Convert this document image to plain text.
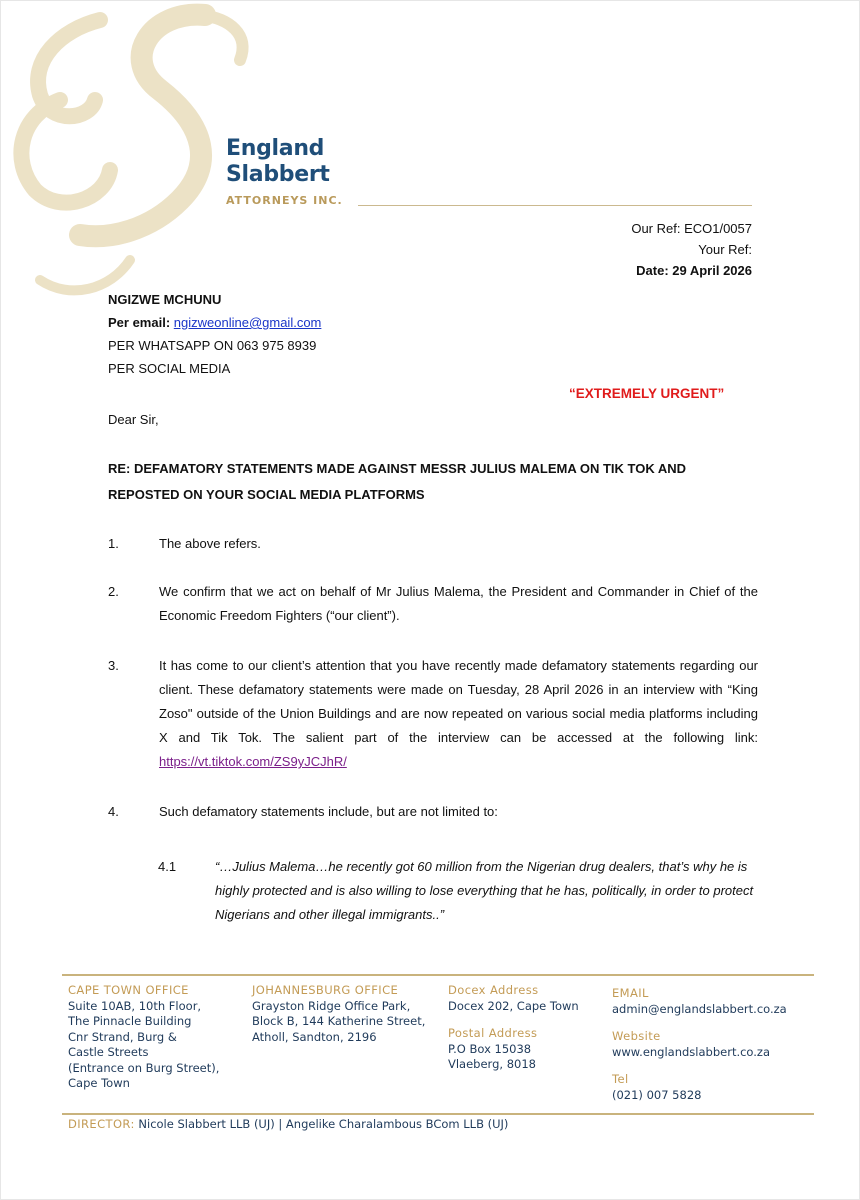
England
Slabbert
ATTORNEYS INC.
Our Ref: ECO1/0057
Your Ref:
Date: 29 April 2026
NGIZWE MCHUNU
Per email: ngizweonline@gmail.com
PER WHATSAPP ON 063 975 8939
PER SOCIAL MEDIA
“EXTREMELY URGENT”
Dear Sir,
RE: DEFAMATORY STATEMENTS MADE AGAINST MESSR JULIUS MALEMA ON TIK TOK AND
REPOSTED ON YOUR SOCIAL MEDIA PLATFORMS
1.	The above refers.
2.	We confirm that we act on behalf of Mr Julius Malema, the President and Commander in Chief of the Economic Freedom Fighters (“our client”).
3.	It has come to our client’s attention that you have recently made defamatory statements regarding our client. These defamatory statements were made on Tuesday, 28 April 2026 in an interview with “King Zoso" outside of the Union Buildings and are now repeated on various social media platforms including X and Tik Tok. The salient part of the interview can be accessed at the following link: https://vt.tiktok.com/ZS9yJCJhR/
4.	Such defamatory statements include, but are not limited to:
4.1	“…Julius Malema…he recently got 60 million from the Nigerian drug dealers, that’s why he is highly protected and is also willing to lose everything that he has, politically, in order to protect Nigerians and other illegal immigrants..”
CAPE TOWN OFFICE
Suite 10AB, 10th Floor,
The Pinnacle Building
Cnr Strand, Burg &
Castle Streets
(Entrance on Burg Street),
Cape Town
JOHANNESBURG OFFICE
Grayston Ridge Office Park,
Block B, 144 Katherine Street,
Atholl, Sandton, 2196
Docex Address
Docex 202, Cape Town
Postal Address
P.O Box 15038
Vlaeberg, 8018
EMAIL
admin@englandslabbert.co.za
Website
www.englandslabbert.co.za
Tel
(021) 007 5828
DIRECTOR: Nicole Slabbert LLB (UJ) | Angelike Charalambous BCom LLB (UJ)
